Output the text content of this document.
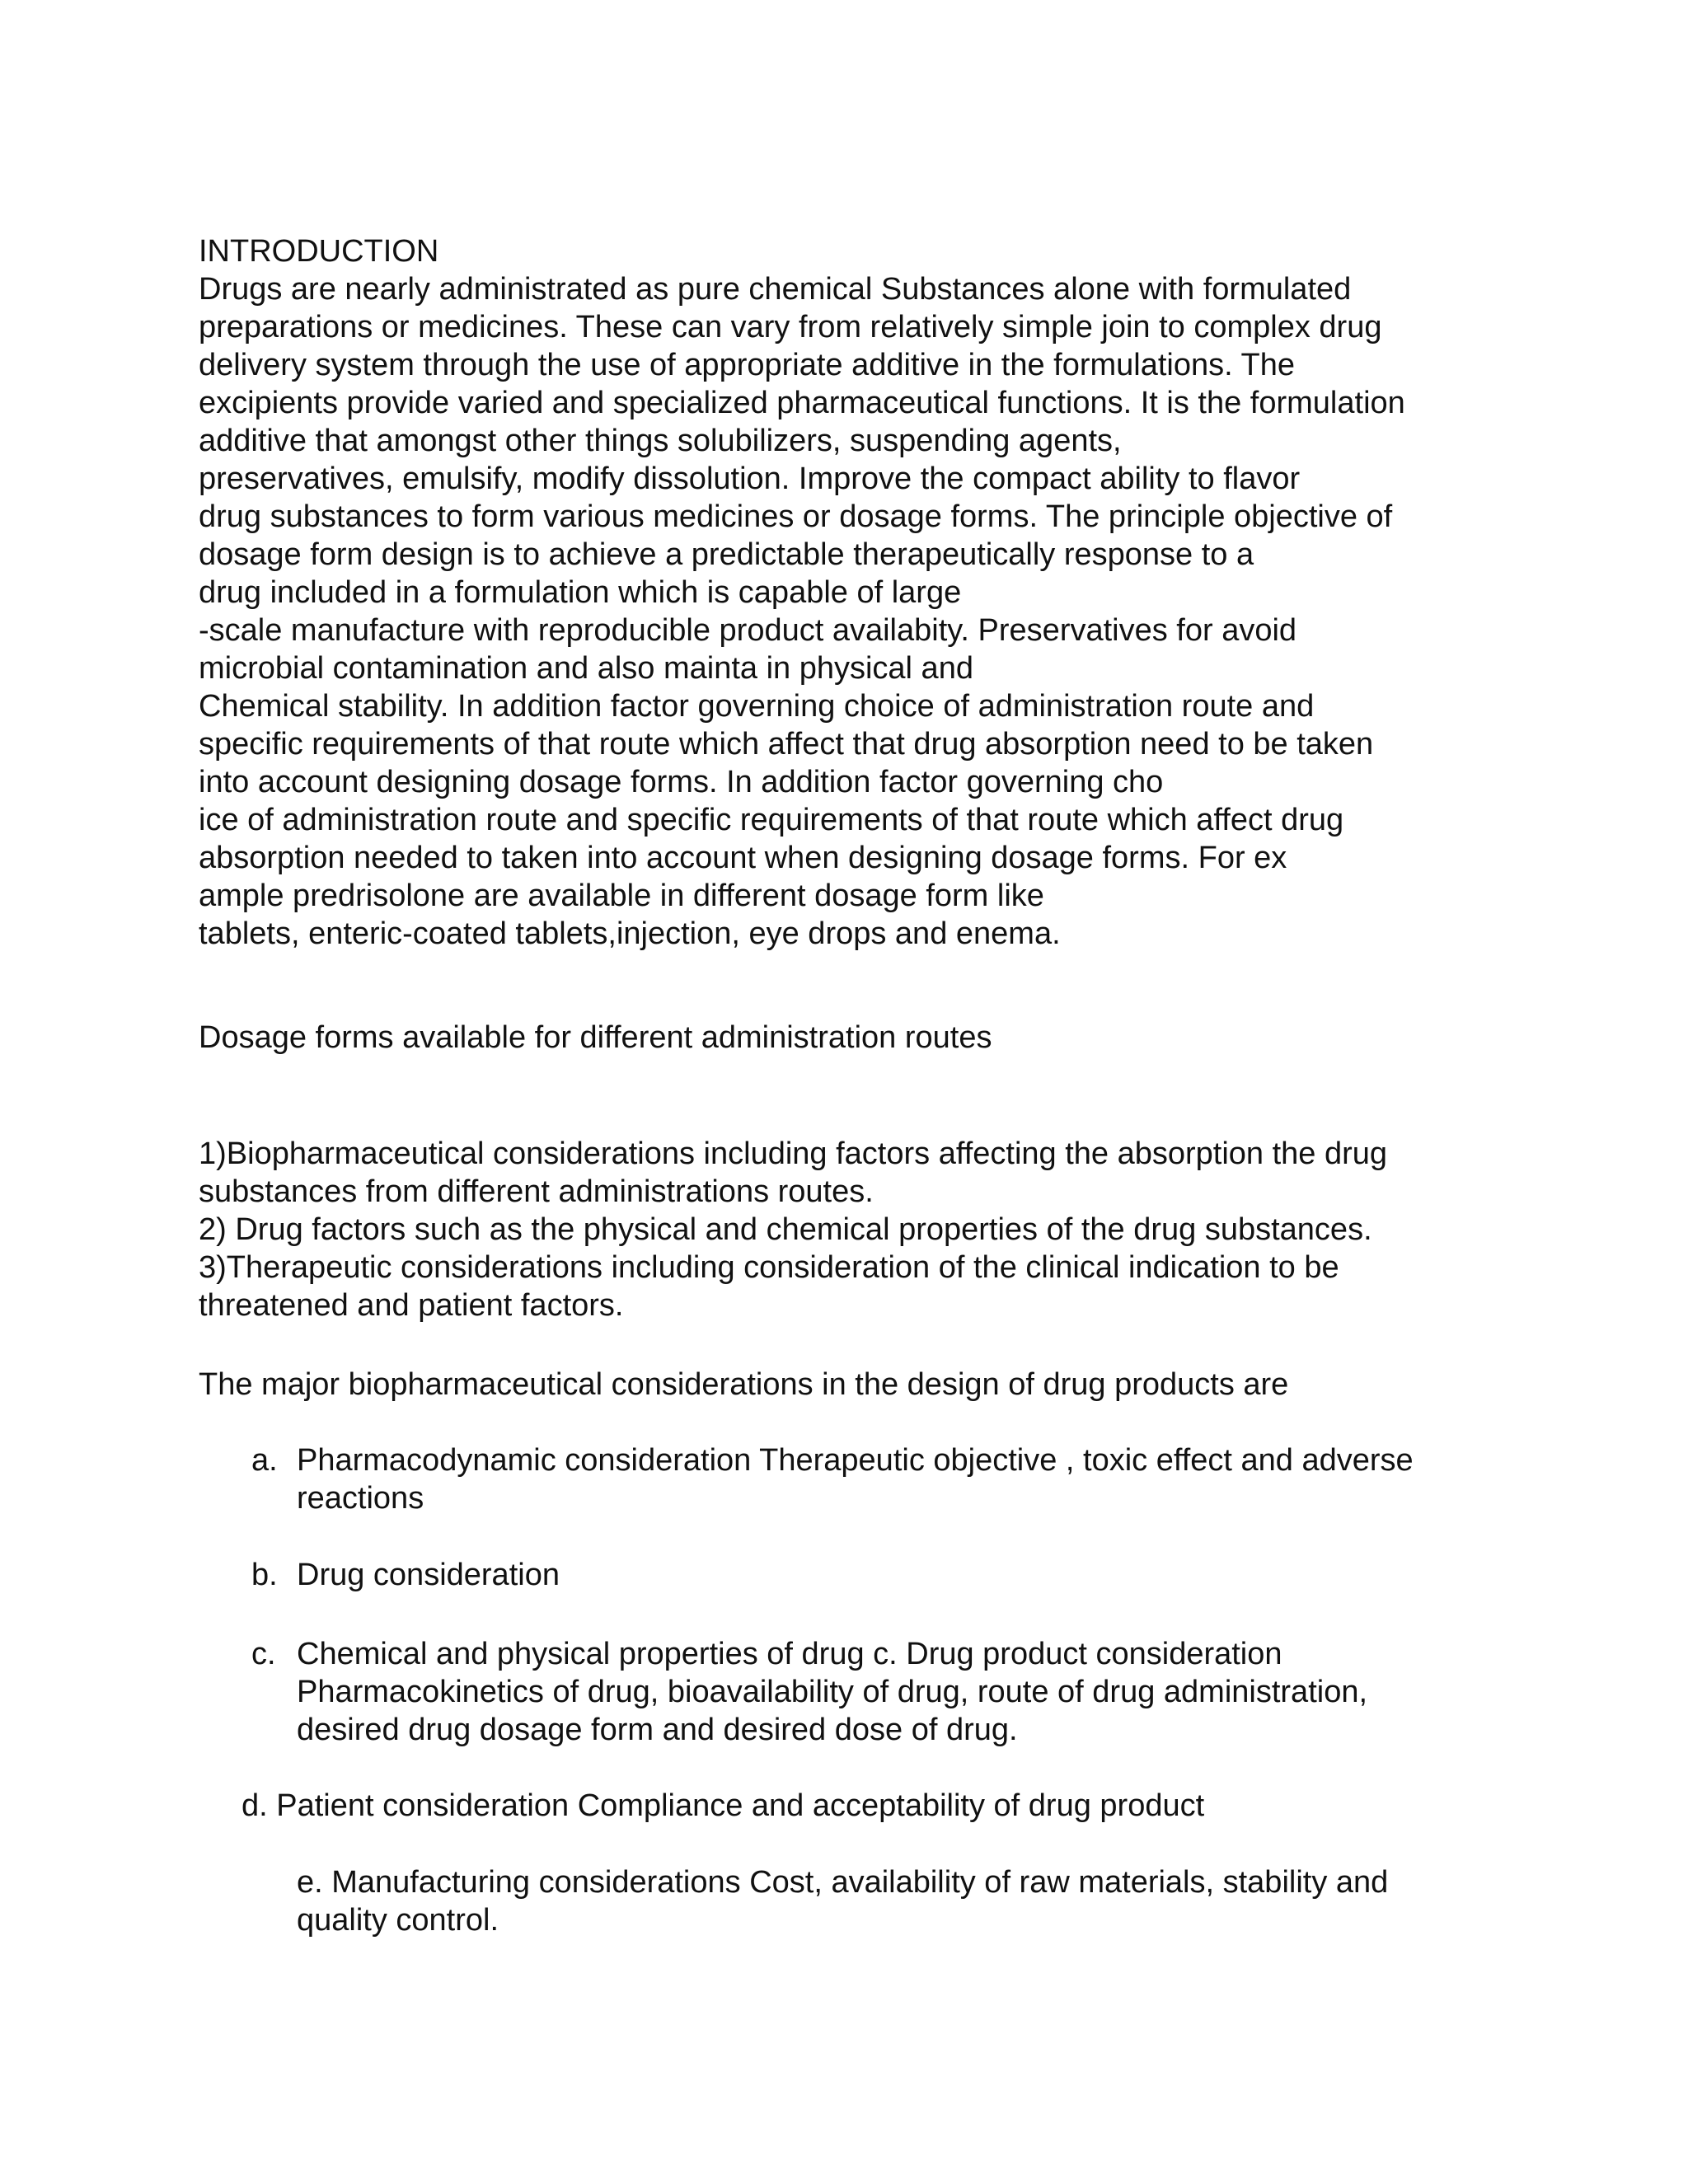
INTRODUCTION
Drugs are nearly administrated as pure chemical Substances alone with formulated
preparations or medicines. These can vary from relatively simple join to complex drug
delivery system through the use of appropriate additive in the formulations. The
excipients provide varied and specialized pharmaceutical functions. It is the formulation
additive that amongst other things solubilizers, suspending agents,
preservatives, emulsify, modify dissolution. Improve the compact ability to flavor
drug substances to form various medicines or dosage forms. The principle objective of
dosage form design is to achieve a predictable therapeutically response to a
drug included in a formulation which is capable of large
-scale manufacture with reproducible product availabity. Preservatives for avoid
microbial contamination and also mainta in physical and
Chemical stability. In addition factor governing choice of administration route and
specific requirements of that route which affect that drug absorption need to be taken
into account designing dosage forms. In addition factor governing cho
ice of administration route and specific requirements of that route which affect drug
absorption needed to taken into account when designing dosage forms. For ex
ample predrisolone are available in different dosage form like
tablets, enteric-coated tablets,injection, eye drops and enema.
Dosage forms available for different administration routes
1)Biopharmaceutical considerations including factors affecting the absorption the drug
substances from different administrations routes.
2) Drug factors such as the physical and chemical properties of the drug substances.
3)Therapeutic considerations including consideration of the clinical indication to be
threatened and patient factors.
The major biopharmaceutical considerations in the design of drug products are
a. Pharmacodynamic consideration Therapeutic objective , toxic effect and adverse
reactions
b. Drug consideration
c. Chemical and physical properties of drug c. Drug product consideration
Pharmacokinetics of drug, bioavailability of drug, route of drug administration,
desired drug dosage form and desired dose of drug.
d. Patient consideration Compliance and acceptability of drug product
e. Manufacturing considerations Cost, availability of raw materials, stability and
quality control.
